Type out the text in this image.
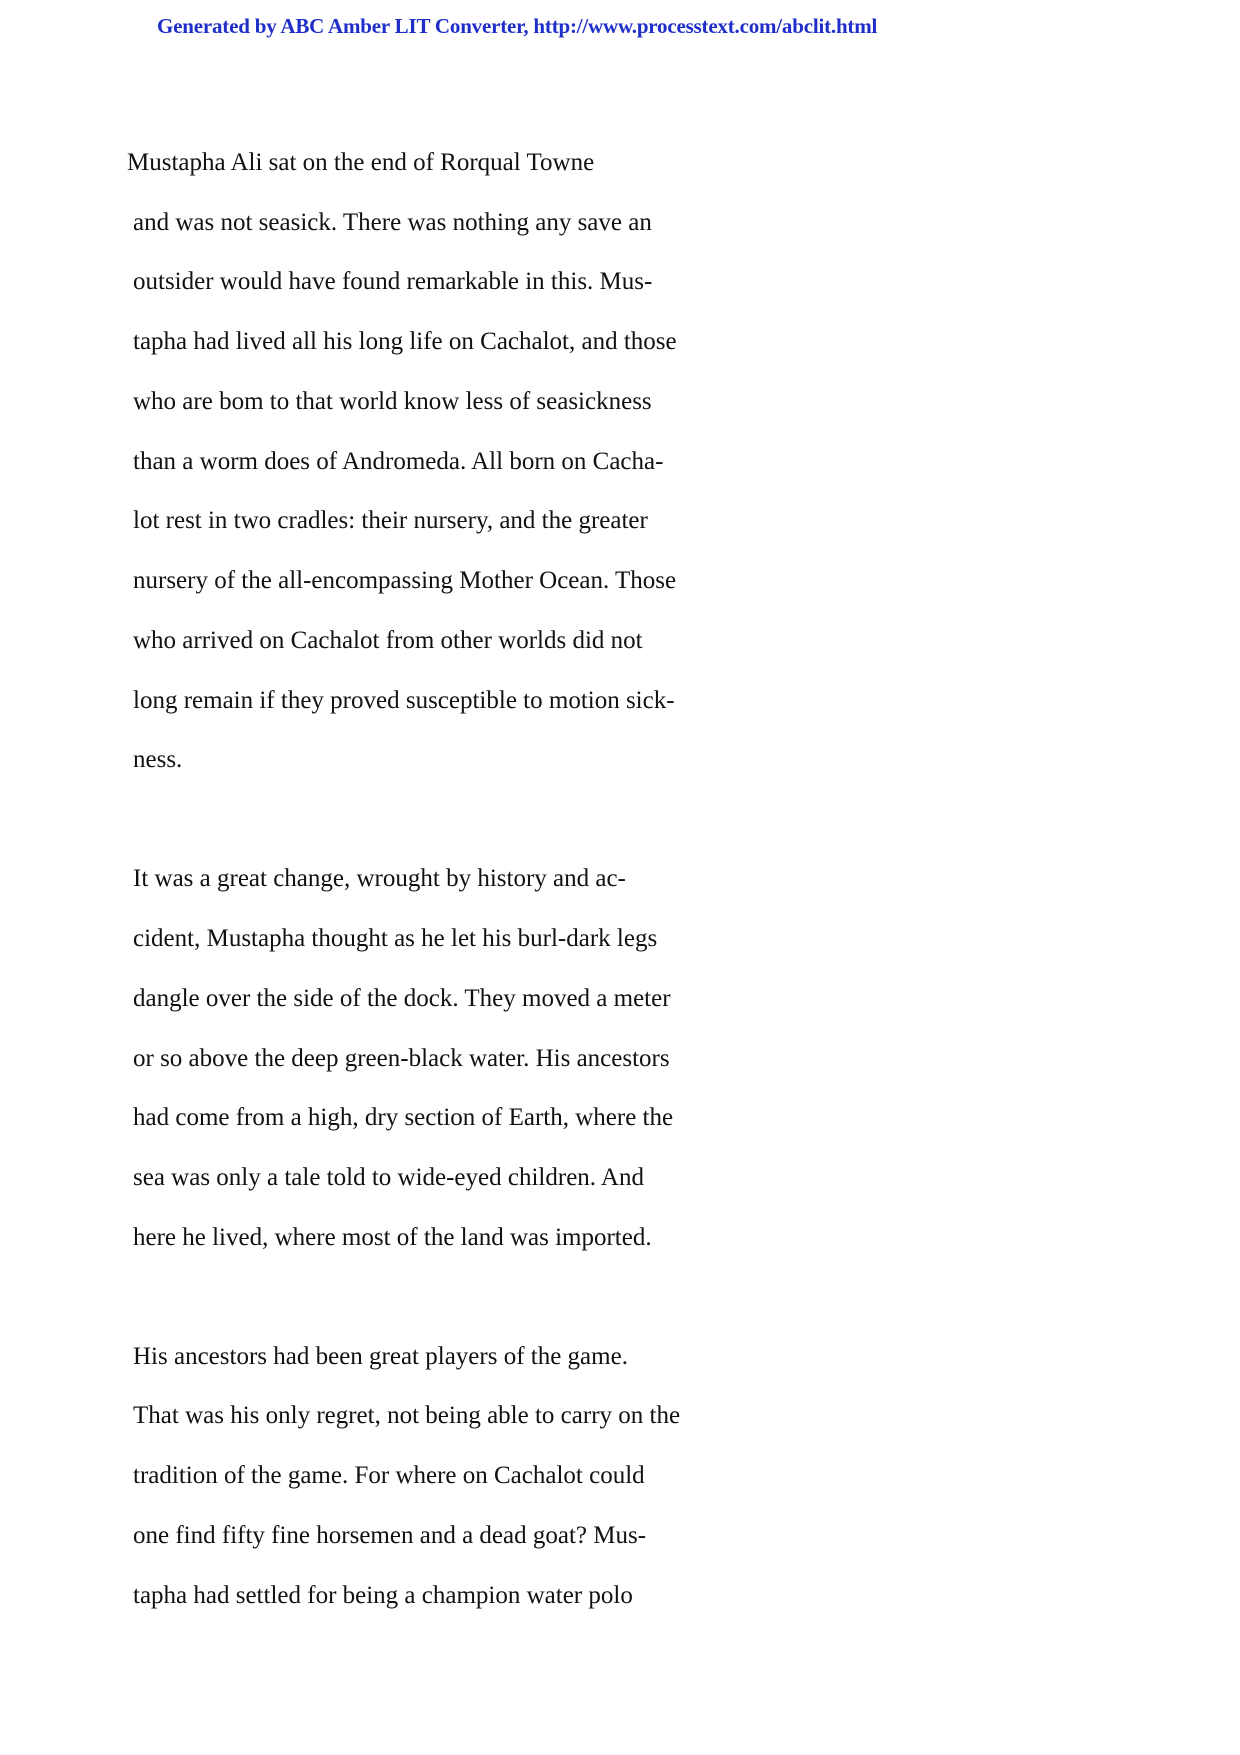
Generated by ABC Amber LIT Converter, http://www.processtext.com/abclit.html
Mustapha Ali sat on the end of Rorqual Towne
and was not seasick. There was nothing any save an
outsider would have found remarkable in this. Mus-
tapha had lived all his long life on Cachalot, and those
who are bom to that world know less of seasickness
than a worm does of Andromeda. All born on Cacha-
lot rest in two cradles: their nursery, and the greater
nursery of the all-encompassing Mother Ocean. Those
who arrived on Cachalot from other worlds did not
long remain if they proved susceptible to motion sick-
ness.
It was a great change, wrought by history and ac-
cident, Mustapha thought as he let his burl-dark legs
dangle over the side of the dock. They moved a meter
or so above the deep green-black water. His ancestors
had come from a high, dry section of Earth, where the
sea was only a tale told to wide-eyed children. And
here he lived, where most of the land was imported.
His ancestors had been great players of the game.
That was his only regret, not being able to carry on the
tradition of the game. For where on Cachalot could
one find fifty fine horsemen and a dead goat? Mus-
tapha had settled for being a champion water polo
